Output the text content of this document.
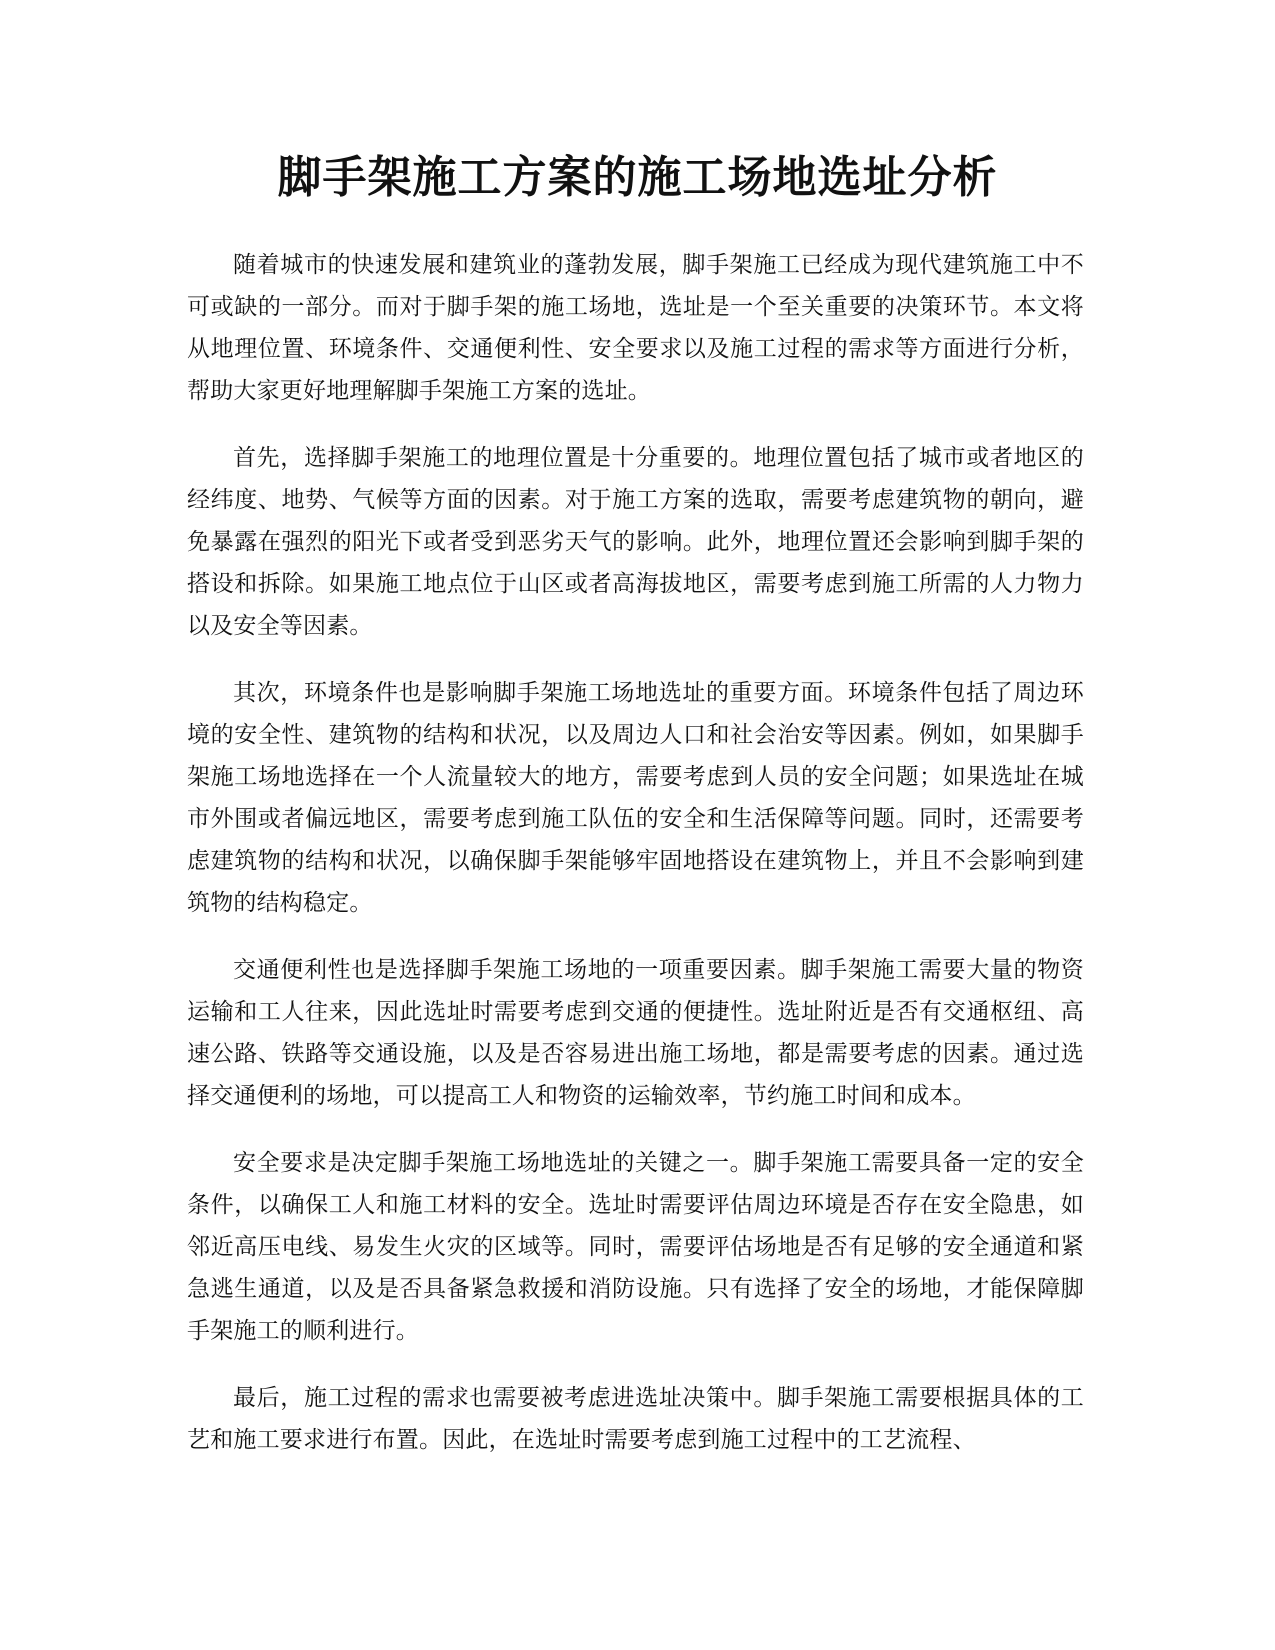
脚手架施工方案的施工场地选址分析

随着城市的快速发展和建筑业的蓬勃发展，脚手架施工已经成为现代建筑施工中不可或缺的一部分。而对于脚手架的施工场地，选址是一个至关重要的决策环节。本文将从地理位置、环境条件、交通便利性、安全要求以及施工过程的需求等方面进行分析，帮助大家更好地理解脚手架施工方案的选址。

首先，选择脚手架施工的地理位置是十分重要的。地理位置包括了城市或者地区的经纬度、地势、气候等方面的因素。对于施工方案的选取，需要考虑建筑物的朝向，避免暴露在强烈的阳光下或者受到恶劣天气的影响。此外，地理位置还会影响到脚手架的搭设和拆除。如果施工地点位于山区或者高海拔地区，需要考虑到施工所需的人力物力以及安全等因素。

其次，环境条件也是影响脚手架施工场地选址的重要方面。环境条件包括了周边环境的安全性、建筑物的结构和状况，以及周边人口和社会治安等因素。例如，如果脚手架施工场地选择在一个人流量较大的地方，需要考虑到人员的安全问题；如果选址在城市外围或者偏远地区，需要考虑到施工队伍的安全和生活保障等问题。同时，还需要考虑建筑物的结构和状况，以确保脚手架能够牢固地搭设在建筑物上，并且不会影响到建筑物的结构稳定。

交通便利性也是选择脚手架施工场地的一项重要因素。脚手架施工需要大量的物资运输和工人往来，因此选址时需要考虑到交通的便捷性。选址附近是否有交通枢纽、高速公路、铁路等交通设施，以及是否容易进出施工场地，都是需要考虑的因素。通过选择交通便利的场地，可以提高工人和物资的运输效率，节约施工时间和成本。

安全要求是决定脚手架施工场地选址的关键之一。脚手架施工需要具备一定的安全条件，以确保工人和施工材料的安全。选址时需要评估周边环境是否存在安全隐患，如邻近高压电线、易发生火灾的区域等。同时，需要评估场地是否有足够的安全通道和紧急逃生通道，以及是否具备紧急救援和消防设施。只有选择了安全的场地，才能保障脚手架施工的顺利进行。

最后，施工过程的需求也需要被考虑进选址决策中。脚手架施工需要根据具体的工艺和施工要求进行布置。因此，在选址时需要考虑到施工过程中的工艺流程、
